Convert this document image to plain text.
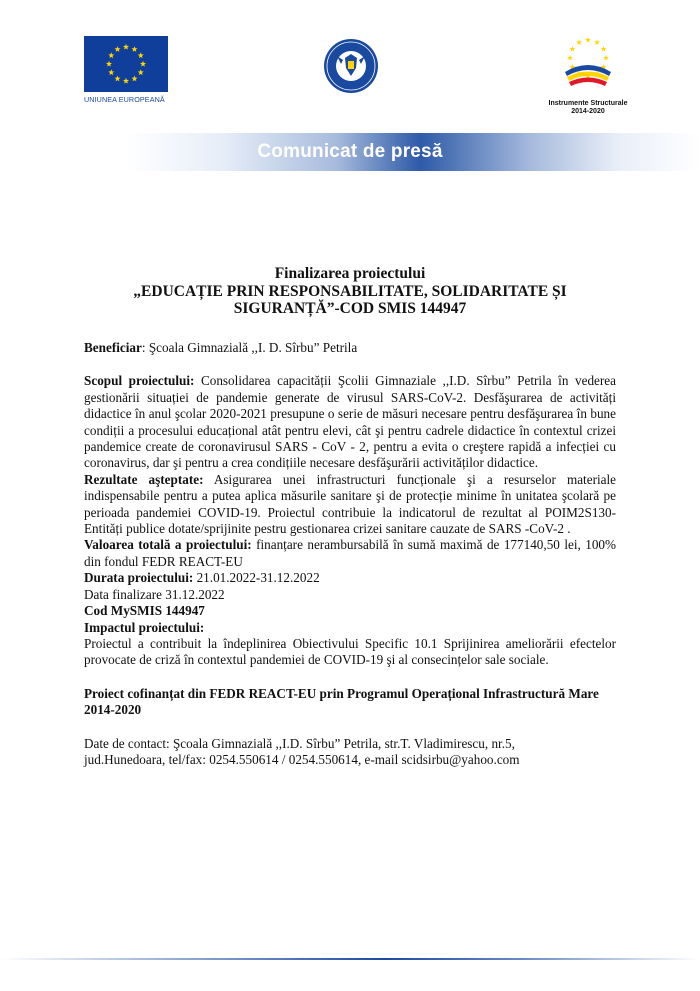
UNIUNEA EUROPEANĂ	Instrumente Structurale
2014-2020
Comunicat de presă
Finalizarea proiectului
„EDUCAȚIE PRIN RESPONSABILITATE, SOLIDARITATE ȘI
SIGURANȚĂ”-COD SMIS 144947

Beneficiar: Şcoala Gimnazială ,,I. D. Sîrbu” Petrila

Scopul proiectului: Consolidarea capacității Şcolii Gimnaziale ,,I.D. Sîrbu” Petrila în vederea gestionării situației de pandemie generate de virusul SARS-CoV-2. Desfăşurarea de activități didactice în anul şcolar 2020-2021 presupune o serie de măsuri necesare pentru desfăşurarea în bune condiții a procesului educațional atât pentru elevi, cât şi pentru cadrele didactice în contextul crizei pandemice create de coronavirusul SARS - CoV - 2, pentru a evita o creştere rapidă a infecției cu coronavirus, dar şi pentru a crea condițiile necesare desfăşurării activităților didactice.

Rezultate aşteptate: Asigurarea unei infrastructuri funcționale şi a resurselor materiale indispensabile pentru a putea aplica măsurile sanitare şi de protecție minime în unitatea şcolară pe perioada pandemiei COVID-19. Proiectul contribuie la indicatorul de rezultat al POIM2S130-Entități publice dotate/sprijinite pestru gestionarea crizei sanitare cauzate de SARS -CoV-2 .

Valoarea totală a proiectului: finanțare nerambursabilă în sumă maximă de 177140,50 lei, 100% din fondul FEDR REACT-EU

Durata proiectului: 21.01.2022-31.12.2022

Data finalizare 31.12.2022

Cod MySMIS 144947

Impactul proiectului:

Proiectul a contribuit la îndeplinirea Obiectivului Specific 10.1 Sprijinirea ameliorării efectelor provocate de criză în contextul pandemiei de COVID-19 şi al consecințelor sale sociale.

Proiect cofinanțat din FEDR REACT-EU prin Programul Operațional Infrastructură Mare 2014-2020

Date de contact: Şcoala Gimnazială ,,I.D. Sîrbu” Petrila, str.T. Vladimirescu, nr.5,

jud.Hunedoara, tel/fax: 0254.550614 / 0254.550614, e-mail scidsirbu@yahoo.com
